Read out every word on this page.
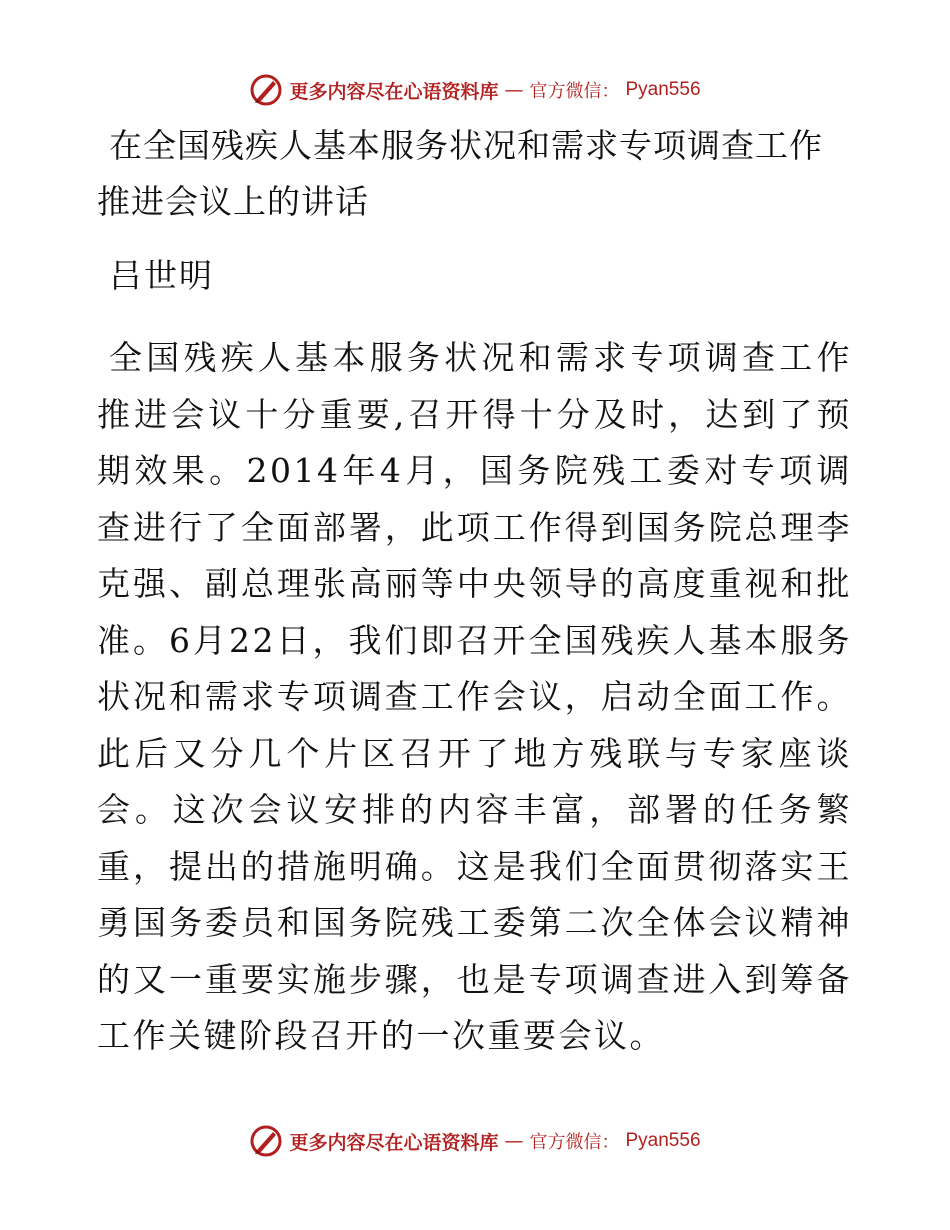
更多内容尽在心语资料库 — 官方微信： Pyan556
在全国残疾人基本服务状况和需求专项调查工作
推进会议上的讲话

吕世明

全国残疾人基本服务状况和需求专项调查工作推进会议十分重要,召开得十分及时，达到了预期效果。2014年4月，国务院残工委对专项调查进行了全面部署，此项工作得到国务院总理李克强、副总理张高丽等中央领导的高度重视和批准。6月22日，我们即召开全国残疾人基本服务状况和需求专项调查工作会议，启动全面工作。此后又分几个片区召开了地方残联与专家座谈会。这次会议安排的内容丰富，部署的任务繁重，提出的措施明确。这是我们全面贯彻落实王勇国务委员和国务院残工委第二次全体会议精神的又一重要实施步骤，也是专项调查进入到筹备工作关键阶段召开的一次重要会议。

更多内容尽在心语资料库 — 官方微信： Pyan556
